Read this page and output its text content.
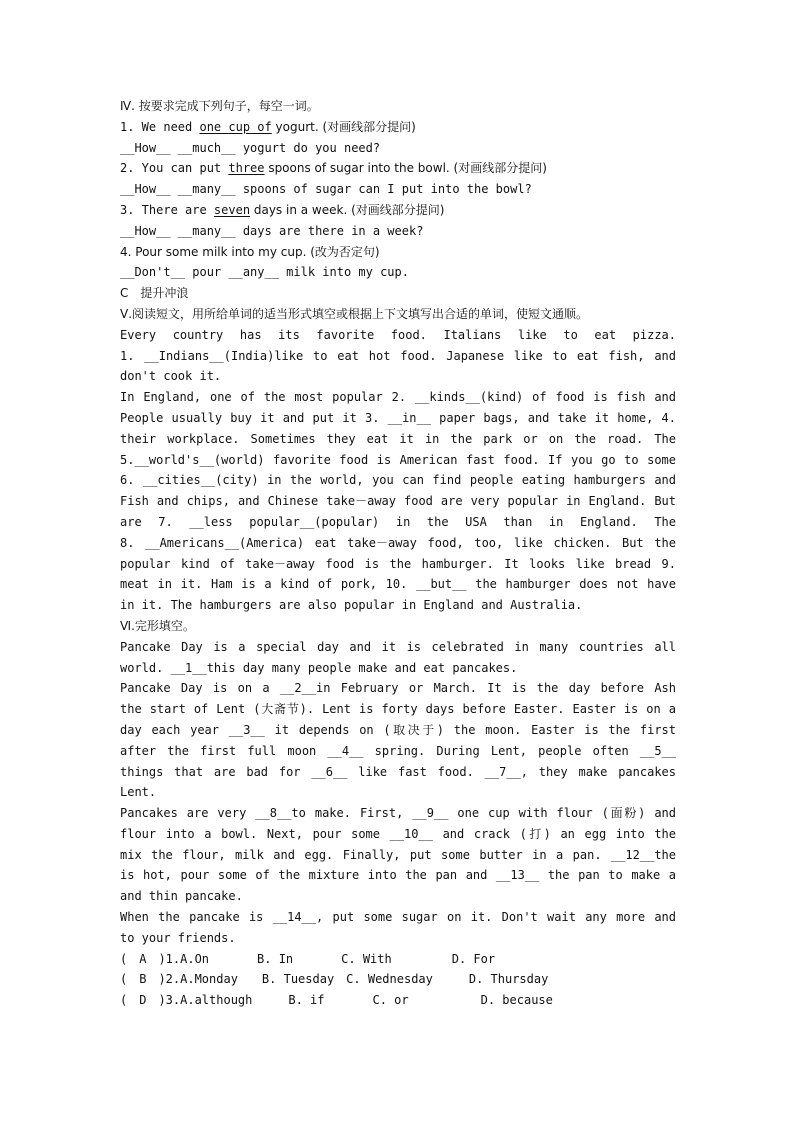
Ⅳ. 按要求完成下列句子，每空一词。
1. We need one cup of yogurt. (对画线部分提问)
__How__ __much__ yogurt do you need?
2. You can put three spoons of sugar into the bowl. (对画线部分提问)
__How__ __many__ spoons of sugar can I put into the bowl?
3. There are seven days in a week. (对画线部分提问)
__How__ __many__ days are there in a week?
4. Pour some milk into my cup. (改为否定句)
__Don't__ pour __any__ milk into my cup.
C　提升冲浪
Ⅴ.阅读短文，用所给单词的适当形式填空或根据上下文填写出合适的单词，使短文通顺。
Every country has its favorite food. Italians like to eat pizza.
1. __Indians__(India)like to eat hot food. Japanese like to eat fish, and
don't cook it.
In England, one of the most popular 2. __kinds__(kind) of food is fish and
People usually buy it and put it 3. __in__ paper bags, and take it home, 4.
their workplace. Sometimes they eat it in the park or on the road. The
5.__world's__(world) favorite food is American fast food. If you go to some
6. __cities__(city) in the world, you can find people eating hamburgers and
Fish and chips, and Chinese take－away food are very popular in England. But
are 7. __less popular__(popular) in the USA than in England. The
8. __Americans__(America) eat take－away food, too, like chicken. But the
popular kind of take－away food is the hamburger. It looks like bread 9.
meat in it. Ham is a kind of pork, 10. __but__ the hamburger does not have
in it. The hamburgers are also popular in England and Australia.
Ⅵ.完形填空。
Pancake Day is a special day and it is celebrated in many countries all
world. __1__this day many people make and eat pancakes.
Pancake Day is on a __2__in February or March. It is the day before Ash
the start of Lent (大斋节). Lent is forty days before Easter. Easter is on a
day each year __3__ it depends on (取决于) the moon. Easter is the first
after the first full moon __4__ spring. During Lent, people often __5__
things that are bad for __6__ like fast food. __7__, they make pancakes
Lent.
Pancakes are very __8__to make. First, __9__ one cup with flour (面粉) and
flour into a bowl. Next, pour some __10__ and crack (打) an egg into the
mix the flour, milk and egg. Finally, put some butter in a pan. __12__the
is hot, pour some of the mixture into the pan and __13__ the pan to make a
and thin pancake.
When the pancake is __14__, put some sugar on it. Don't wait any more and
to your friends.
(　A　)1.A.On　　　　B. In　　　　C. With　　　　　D. For
(　B　)2.A.Monday　　B. Tuesday　C. Wednesday　　　D. Thursday
(　D　)3.A.although　　　B. if　　　　C. or　　　　　　D. because
